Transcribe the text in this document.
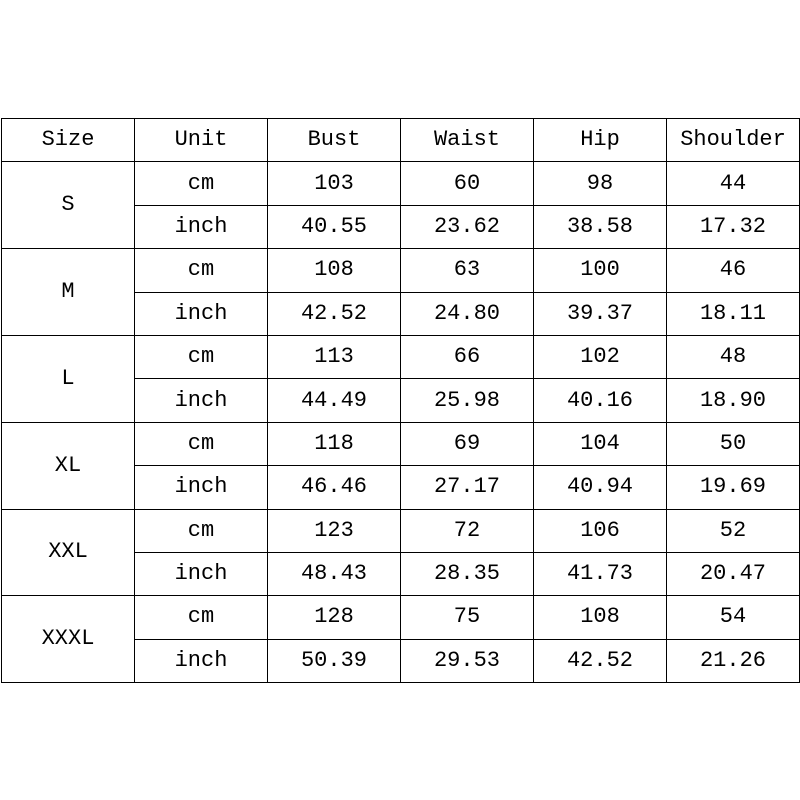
Size	Unit	Bust	Waist	Hip	Shoulder
S	cm	103	60	98	44
	inch	40.55	23.62	38.58	17.32
M	cm	108	63	100	46
	inch	42.52	24.80	39.37	18.11
L	cm	113	66	102	48
	inch	44.49	25.98	40.16	18.90
XL	cm	118	69	104	50
	inch	46.46	27.17	40.94	19.69
XXL	cm	123	72	106	52
	inch	48.43	28.35	41.73	20.47
XXXL	cm	128	75	108	54
	inch	50.39	29.53	42.52	21.26
